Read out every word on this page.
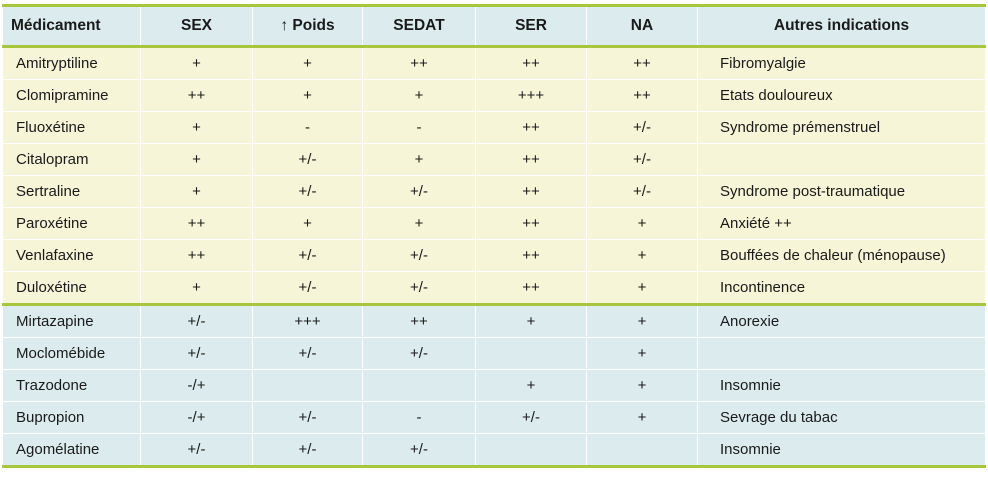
Médicament	SEX	↑ Poids	SEDAT	SER	NA	Autres indications
Amitryptiline	+	+	++	++	++	Fibromyalgie
Clomipramine	++	+	+	+++	++	Etats douloureux
Fluoxétine	+	-	-	++	+/-	Syndrome prémenstruel
Citalopram	+	+/-	+	++	+/-	
Sertraline	+	+/-	+/-	++	+/-	Syndrome post-traumatique
Paroxétine	++	+	+	++	+	Anxiété ++
Venlafaxine	++	+/-	+/-	++	+	Bouffées de chaleur (ménopause)
Duloxétine	+	+/-	+/-	++	+	Incontinence
Mirtazapine	+/-	+++	++	+	+	Anorexie
Moclomébide	+/-	+/-	+/-		+	
Trazodone	-/+			+	+	Insomnie
Bupropion	-/+	+/-	-	+/-	+	Sevrage du tabac
Agomélatine	+/-	+/-	+/-			Insomnie
